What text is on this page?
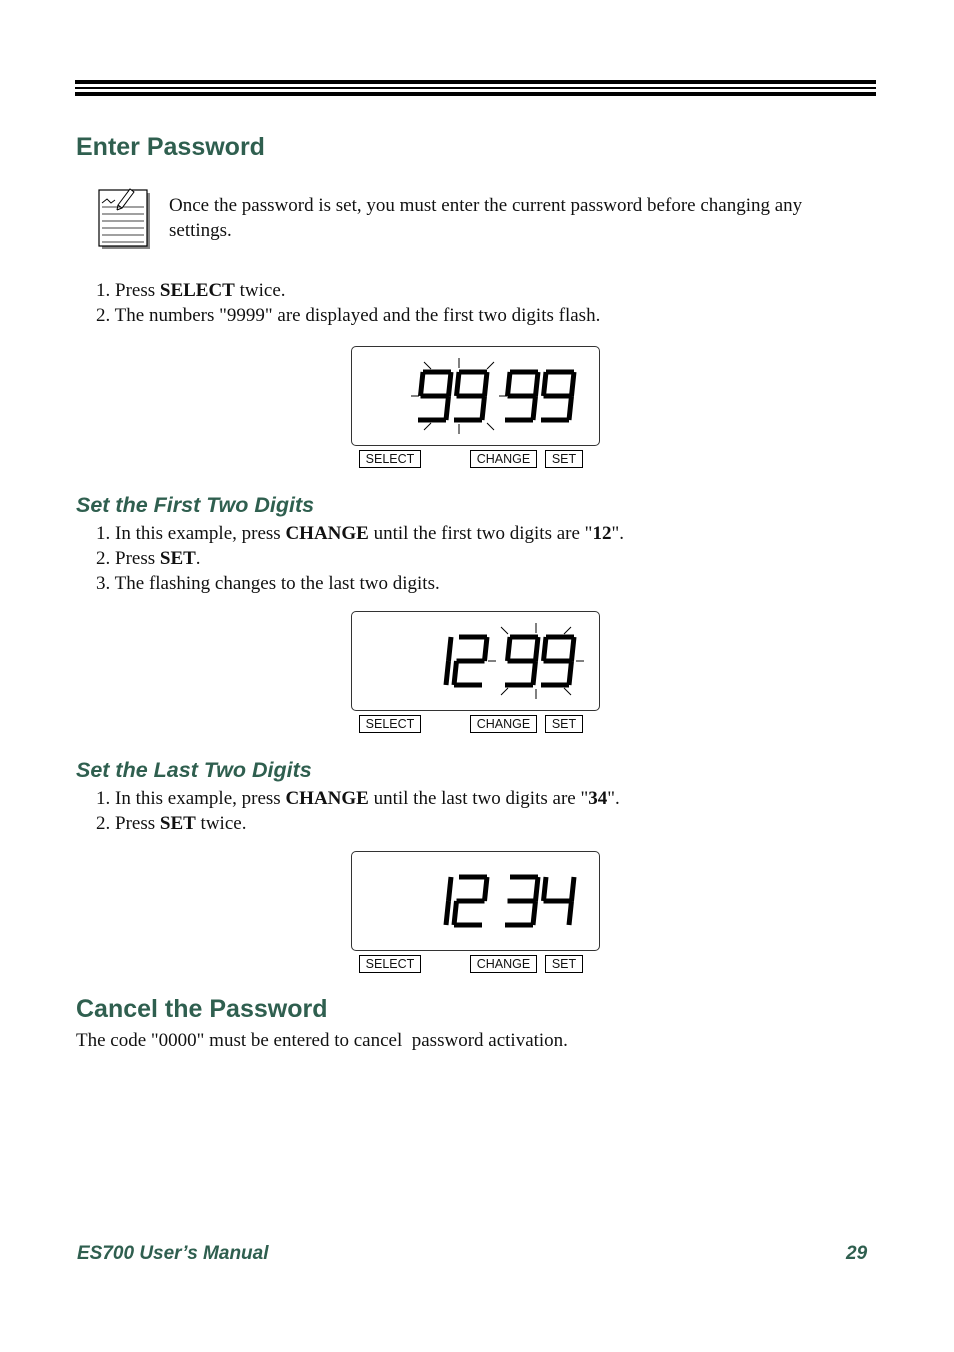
Enter Password
Once the password is set, you must enter the current password before changing any settings.
1. Press SELECT twice.
2. The numbers "9999" are displayed and the first two digits flash.
SELECT	CHANGE	SET
Set the First Two Digits
1. In this example, press CHANGE until the first two digits are "12".
2. Press SET.
3. The flashing changes to the last two digits.
SELECT	CHANGE	SET
Set the Last Two Digits
1. In this example, press CHANGE until the last two digits are "34".
2. Press SET twice.
SELECT	CHANGE	SET
Cancel the Password
The code "0000" must be entered to cancel  password activation.
ES700 User’s Manual	29
